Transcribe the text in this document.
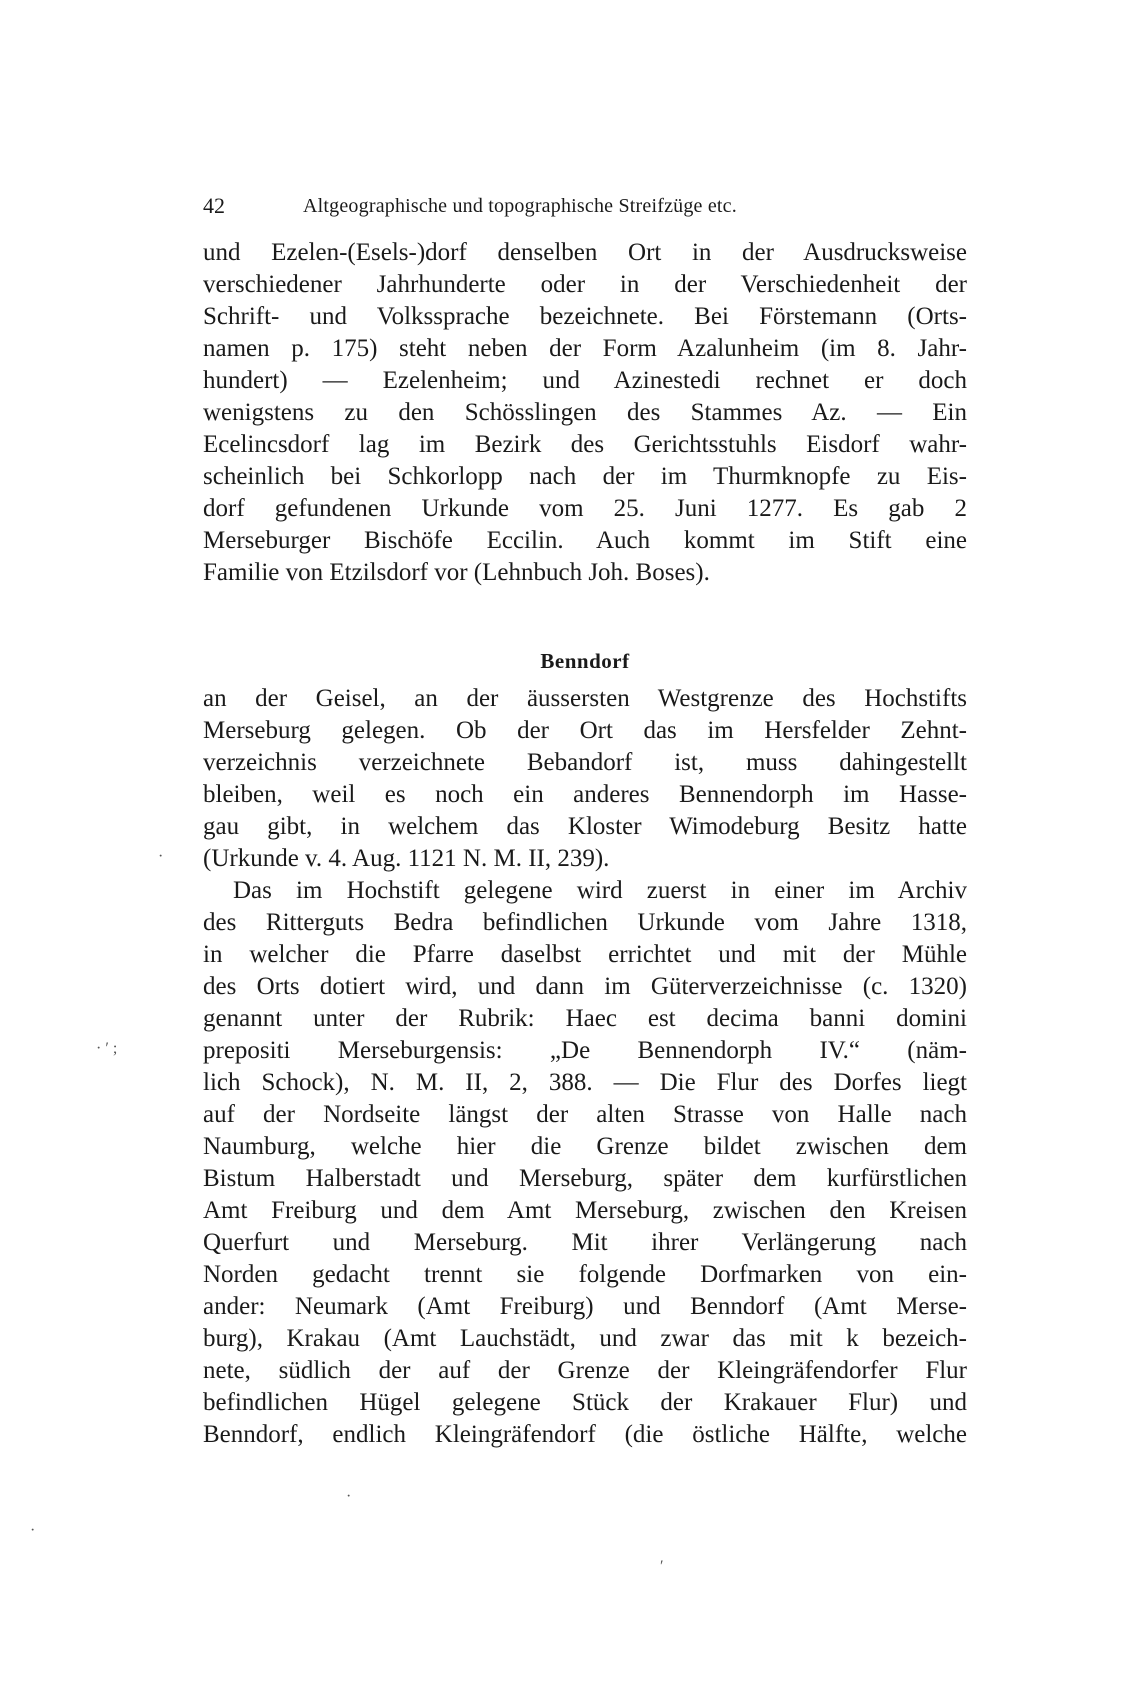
42	Altgeographische und topographische Streifzüge etc.
und Ezelen-(Esels-)dorf denselben Ort in der Ausdrucksweise
verschiedener Jahrhunderte oder in der Verschiedenheit der
Schrift- und Volkssprache bezeichnete. Bei Förstemann (Orts-
namen p. 175) steht neben der Form Azalunheim (im 8. Jahr-
hundert) — Ezelenheim; und Azinestedi rechnet er doch
wenigstens zu den Schösslingen des Stammes Az. — Ein
Ecelincsdorf lag im Bezirk des Gerichtsstuhls Eisdorf wahr-
scheinlich bei Schkorlopp nach der im Thurmknopfe zu Eis-
dorf gefundenen Urkunde vom 25. Juni 1277. Es gab 2
Merseburger Bischöfe Eccilin. Auch kommt im Stift eine
Familie von Etzilsdorf vor (Lehnbuch Joh. Boses).
Benndorf
an der Geisel, an der äussersten Westgrenze des Hochstifts
Merseburg gelegen. Ob der Ort das im Hersfelder Zehnt-
verzeichnis verzeichnete Bebandorf ist, muss dahingestellt
bleiben, weil es noch ein anderes Bennendorph im Hasse-
gau gibt, in welchem das Kloster Wimodeburg Besitz hatte
(Urkunde v. 4. Aug. 1121 N. M. II, 239).
Das im Hochstift gelegene wird zuerst in einer im Archiv
des Ritterguts Bedra befindlichen Urkunde vom Jahre 1318,
in welcher die Pfarre daselbst errichtet und mit der Mühle
des Orts dotiert wird, und dann im Güterverzeichnisse (c. 1320)
genannt unter der Rubrik: Haec est decima banni domini
prepositi Merseburgensis: „De Bennendorph IV.“ (näm-
lich Schock), N. M. II, 2, 388. — Die Flur des Dorfes liegt
auf der Nordseite längst der alten Strasse von Halle nach
Naumburg, welche hier die Grenze bildet zwischen dem
Bistum Halberstadt und Merseburg, später dem kurfürstlichen
Amt Freiburg und dem Amt Merseburg, zwischen den Kreisen
Querfurt und Merseburg. Mit ihrer Verlängerung nach
Norden gedacht trennt sie folgende Dorfmarken von ein-
ander: Neumark (Amt Freiburg) und Benndorf (Amt Merse-
burg), Krakau (Amt Lauchstädt, und zwar das mit k bezeich-
nete, südlich der auf der Grenze der Kleingräfendorfer Flur
befindlichen Hügel gelegene Stück der Krakauer Flur) und
Benndorf, endlich Kleingräfendorf (die östliche Hälfte, welche
·
· ′ ;
·
·
′
